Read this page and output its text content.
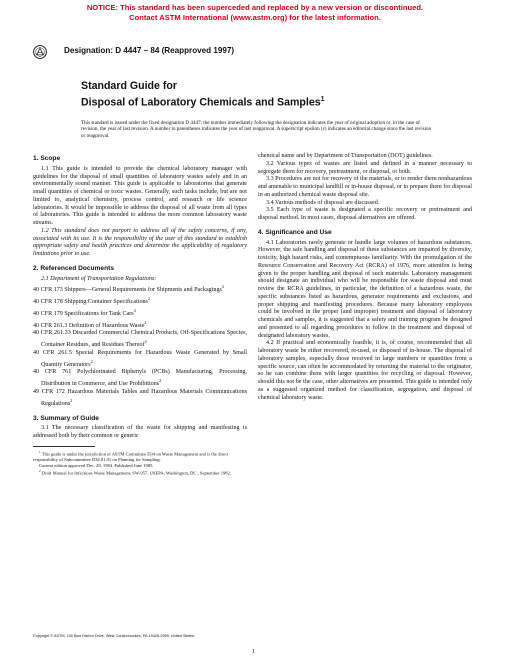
NOTICE: This standard has been superceded and replaced by a new version or discontinued.
Contact ASTM International (www.astm.org) for the latest information.
Designation: D 4447 – 84 (Reapproved 1997)
Standard Guide for
Disposal of Laboratory Chemicals and Samples$^1$
This standard is issued under the fixed designation D 4447; the number immediately following the designation indicates the year of original adoption or, in the case of revision, the year of last revision. A number in parentheses indicates the year of last reapproval. A superscript epsilon (ε) indicates an editorial change since the last revision or reapproval.
1. Scope

1.1 This guide is intended to provide the chemical laboratory manager with guidelines for the disposal of small quantities of laboratory wastes safely and in an environmentally sound manner. This guide is applicable to laboratories that generate small quantities of chemical or toxic wastes. Generally, such tasks include, but are not limited to, analytical chemistry, process control, and research or life science laboratories. It would be impossible to address the disposal of all waste from all types of laboratories. This guide is intended to address the more common laboratory waste streams.

1.2 This standard does not purport to address all of the safety concerns, if any, associated with its use. It is the responsibility of the user of this standard to establish appropriate safety and health practices and determine the applicability of regulatory limitations prior to use.

2. Referenced Documents

2.1 Department of Transportation Regulations:

40 CFR 173 Shippers—General Requirements for Shipments and Packagings$^2$

40 CFR 178 Shipping Container Specifications$^2$

40 CFR 179 Specifications for Tank Cars$^2$

40 CFR 261.3 Definition of Hazardous Waste$^2$

40 CFR 261.33 Discarded Commercial Chemical Products, Off-Specifications Species, Container Residues, and Residues Thereof$^2$

40 CFR 261.5 Special Requirements for Hazardous Waste Generated by Small Quantity Generators$^2$

40 CFR 761 Polychlorinated Biphenyls (PCBs) Manufacturing, Processing, Distribution in Commerce, and Use Prohibitions$^2$

49 CFR 172 Hazardous Materials Tables and Hazardous Materials Communications Regulations$^2$

3. Summary of Guide

3.1 The necessary classification of the waste for shipping and manifesting is addressed both by their common or generic

$^1$ This guide is under the jurisdiction of ASTM Committee D34 on Waste Management and is the direct responsibility of Subcommittee D34.01.01 on Planning for Sampling.

Current edition approved Dec. 28, 1984. Published June 1985.

$^2$ Draft Manual for Infectious Waste Management, SW-957, USEPA, Washington, DC., September 1982.

chemical name and by Department of Transportation (DOT) guidelines.

3.2 Various types of wastes are listed and defined in a manner necessary to segregate them for recovery, pretreatment, or disposal, or both.

3.3 Procedures are not for recovery of the materials, or to render them nonhazardous and amenable to municipal landfill or in-house disposal, or to prepare them for disposal in an authorized chemical waste disposal site.

3.4 Various methods of disposal are discussed.

3.5 Each type of waste is designated a specific recovery or pretreatment and disposal method. In most cases, disposal alternatives are offered.

4. Significance and Use

4.1 Laboratories rarely generate or handle large volumes of hazardous substances. However, the safe handling and disposal of these substances are impaired by diversity, toxicity, high hazard risks, and contemptuous familiarity. With the promulgation of the Resource Conservation and Recovery Act (RCRA) of 1976, more attention is being given to the proper handling and disposal of such materials. Laboratory management should designate an individual who will be responsible for waste disposal and must review the RCRA guidelines, in particular, the definition of a hazardous waste, the specific substances listed as hazardous, generator requirements and exclusions, and proper shipping and manifesting procedures. Because many laboratory employees could be involved in the proper (and improper) treatment and disposal of laboratory chemicals and samples, it is suggested that a safety and training program be designed and presented to all regarding procedures to follow in the treatment and disposal of designated laboratory wastes.

4.2 If practical and economically feasible, it is, of course, recommended that all laboratory waste be either recovered, re-used, or disposed of in-house. The disposal of laboratory samples, especially those received in large numbers or quantities from a specific source, can often be accommodated by returning the material to the originator, so he can combine them with larger quantities for recycling or disposal. However, should this not be the case, other alternatives are presented. This guide is intended only as a suggested organized method for classification, segregation, and disposal of chemical laboratory waste.

Copyright © ASTM, 100 Barr Harbor Drive, West Conshohocken, PA 19428-2959, United States.
1
